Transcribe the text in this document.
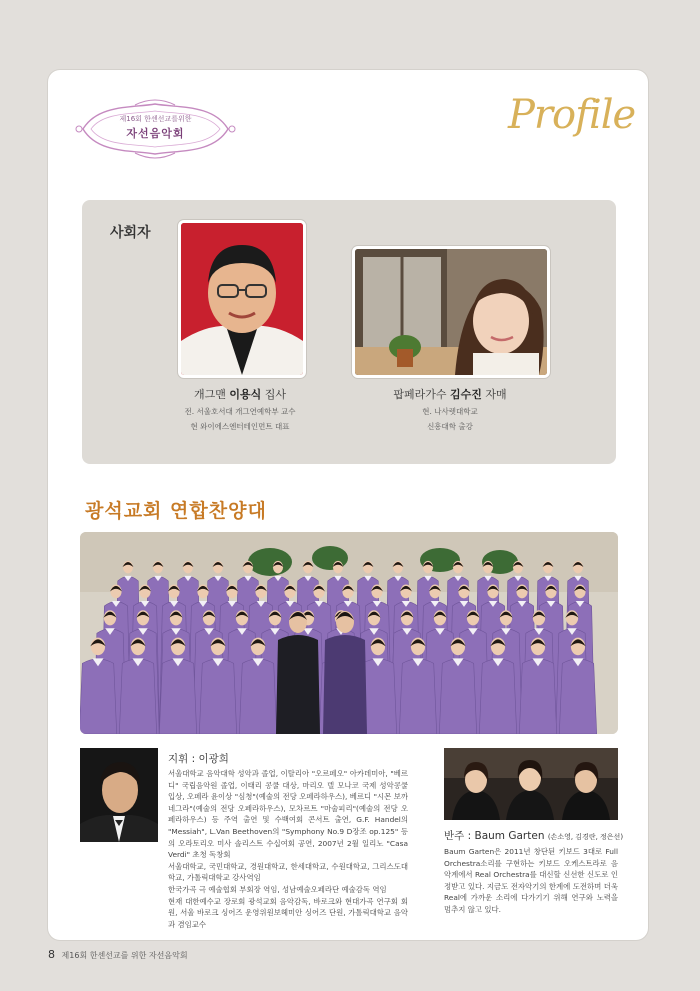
제16회 한센선교를위한
자선음악회	Profile
사회자
개그맨 이용식 집사
전. 서울호서대 개그연예학부 교수
현 와이에스엔터테인먼트 대표
팝페라가수 김수진 자매
현. 나사렛대학교
신흥대학 출강
광석교회 연합찬양대
지휘 : 이광희
서울대학교 음악대학 성악과 졸업, 이탈리아 "오르페오" 아카데미아, "베르디" 국립음악원 졸업, 이태리 콩쿨 대상, 마리오 델 모나코 국제 성악콩쿨 입상, 오페라 윤이상 "심청"(예술의 전당 오페라하우스), 베르디 "시몬 보까네그라"(예술의 전당 오페라하우스), 모차르트 "마술피리"(예술의 전당 오페라하우스) 등 주역 출연 및 수백여회 콘서트 출연, G.F. Handel의 "Messiah", L.Van Beethoven의 "Symphony No.9 D장조 op.125" 등의 오라토리오 미사 솔리스트 수십여회 공연, 2007년 2월 일리노 "Casa Verdi" 초청 독창회
서울대학교, 국민대학교, 경원대학교, 한세대학교, 수원대학교, 그리스도대학교, 가톨릭대학교 강사역임
한국가곡 극 예술협회 부회장 역임, 성남예술오페라단 예술감독 역임
현재 대한예수교 장로회 광석교회 음악감독, 바로크와 현대가곡 연구회 회원, 서울 바로크 싱어즈 운영위원보헤미안 싱어즈 단원, 가톨릭대학교 음악과 겸임교수
반주 : Baum Garten (손소영, 김경란, 정은선)
Baum Garten은 2011년 창단된 키보드 3대로 Full Orchestra소리를 구현하는 키보드 오케스트라로 음악계에서 Real Orchestra를 대신할 신선한 신도로 인정받고 있다. 지금도 전자악기의 한계에 도전하며 더욱 Real에 가까운 소리에 다가기기 위해 연구와 노력을 멈추지 않고 있다.
8 제16회 한센선교를 위한 자선음악회
